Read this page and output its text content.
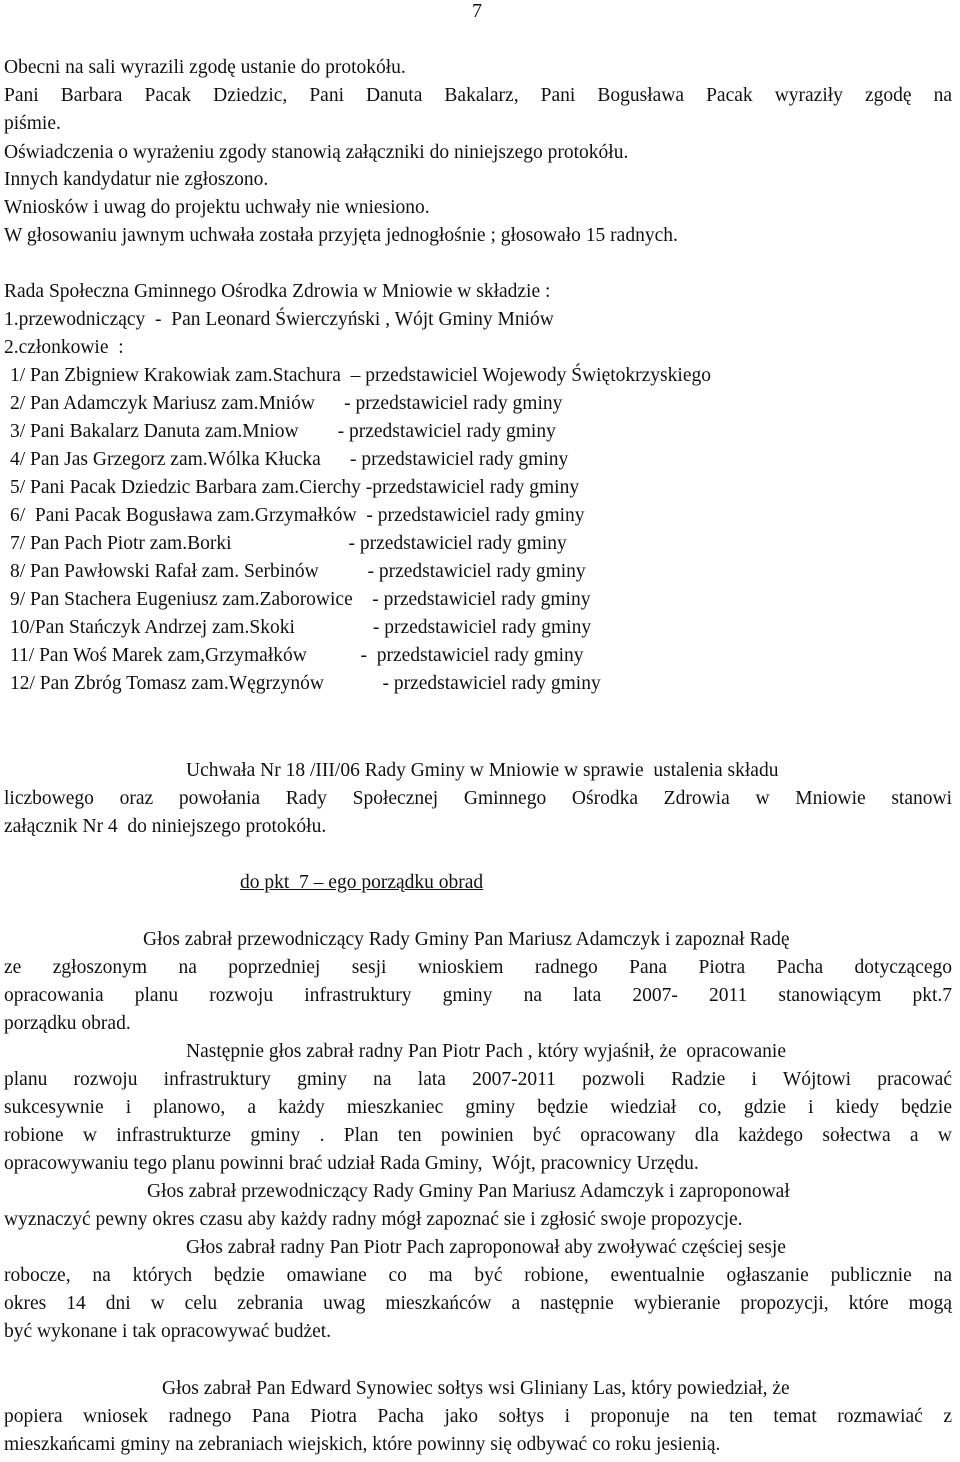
7
Obecni na sali wyrazili zgodę ustanie do protokółu.
Pani Barbara Pacak Dziedzic, Pani Danuta Bakalarz, Pani Bogusława Pacak wyraziły zgodę na
piśmie.
Oświadczenia o wyrażeniu zgody stanowią załączniki do niniejszego protokółu.
Innych kandydatur nie zgłoszono.
Wniosków i uwag do projektu uchwały nie wniesiono.
W głosowaniu jawnym uchwała została przyjęta jednogłośnie ; głosowało 15 radnych.
Rada Społeczna Gminnego Ośrodka Zdrowia w Mniowie w składzie :
1.przewodniczący  -  Pan Leonard Świerczyński , Wójt Gminy Mniów
2.członkowie  :
1/ Pan Zbigniew Krakowiak zam.Stachura  – przedstawiciel Wojewody Świętokrzyskiego
2/ Pan Adamczyk Mariusz zam.Mniów      - przedstawiciel rady gminy
3/ Pani Bakalarz Danuta zam.Mniow        - przedstawiciel rady gminy
4/ Pan Jas Grzegorz zam.Wólka Kłucka      - przedstawiciel rady gminy
5/ Pani Pacak Dziedzic Barbara zam.Cierchy -przedstawiciel rady gminy
6/  Pani Pacak Bogusława zam.Grzymałków  - przedstawiciel rady gminy
7/ Pan Pach Piotr zam.Borki                        - przedstawiciel rady gminy
8/ Pan Pawłowski Rafał zam. Serbinów          - przedstawiciel rady gminy
9/ Pan Stachera Eugeniusz zam.Zaborowice    - przedstawiciel rady gminy
10/Pan Stańczyk Andrzej zam.Skoki                - przedstawiciel rady gminy
11/ Pan Woś Marek zam,Grzymałków           -  przedstawiciel rady gminy
12/ Pan Zbróg Tomasz zam.Węgrzynów            - przedstawiciel rady gminy
Uchwała Nr 18 /III/06 Rady Gminy w Mniowie w sprawie  ustalenia składu
liczbowego oraz powołania Rady Społecznej Gminnego Ośrodka Zdrowia w Mniowie stanowi
załącznik Nr 4  do niniejszego protokółu.
do pkt  7 – ego porządku obrad
Głos zabrał przewodniczący Rady Gminy Pan Mariusz Adamczyk i zapoznał Radę
ze zgłoszonym na poprzedniej sesji wnioskiem radnego Pana Piotra Pacha dotyczącego
opracowania planu rozwoju infrastruktury gminy na lata 2007- 2011 stanowiącym pkt.7
porządku obrad.
Następnie głos zabrał radny Pan Piotr Pach , który wyjaśnił, że  opracowanie
planu rozwoju infrastruktury gminy na lata 2007-2011 pozwoli Radzie i Wójtowi pracować
sukcesywnie i planowo, a każdy mieszkaniec gminy będzie wiedział co, gdzie i kiedy będzie
robione w infrastrukturze gminy . Plan ten powinien być opracowany dla każdego sołectwa a w
opracowywaniu tego planu powinni brać udział Rada Gminy,  Wójt, pracownicy Urzędu.
Głos zabrał przewodniczący Rady Gminy Pan Mariusz Adamczyk i zaproponował
wyznaczyć pewny okres czasu aby każdy radny mógł zapoznać sie i zgłosić swoje propozycje.
Głos zabrał radny Pan Piotr Pach zaproponował aby zwoływać częściej sesje
robocze, na których będzie omawiane co ma być robione, ewentualnie ogłaszanie publicznie na
okres 14 dni w celu zebrania uwag mieszkańców a następnie wybieranie propozycji, które mogą
być wykonane i tak opracowywać budżet.
Głos zabrał Pan Edward Synowiec sołtys wsi Gliniany Las, który powiedział, że
popiera wniosek radnego Pana Piotra Pacha jako sołtys i proponuje na ten temat rozmawiać z
mieszkańcami gminy na zebraniach wiejskich, które powinny się odbywać co roku jesienią.
